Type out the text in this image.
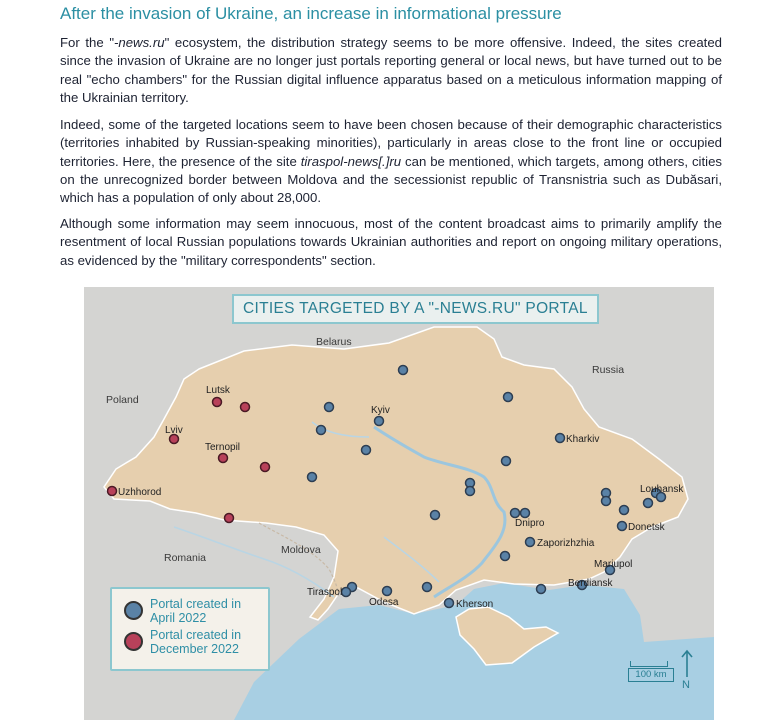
After the invasion of Ukraine, an increase in informational pressure

For the "-news.ru" ecosystem, the distribution strategy seems to be more offensive. Indeed, the sites created since the invasion of Ukraine are no longer just portals reporting general or local news, but have turned out to be real "echo chambers" for the Russian digital influence apparatus based on a meticulous information mapping of the Ukrainian territory.

Indeed, some of the targeted locations seem to have been chosen because of their demographic characteristics (territories inhabited by Russian-speaking minorities), particularly in areas close to the front line or occupied territories. Here, the presence of the site tiraspol-news[.]ru can be mentioned, which targets, among others, cities on the unrecognized border between Moldova and the secessionist republic of Transnistria such as Dubăsari, which has a population of only about 28,000.

Although some information may seem innocuous, most of the content broadcast aims to primarily amplify the resentment of local Russian populations towards Ukrainian authorities and report on ongoing military operations, as evidenced by the "military correspondents" section.

Belarus
Russia
Poland
Romania
Moldova
Kyiv
Kharkiv
Louhansk
Donetsk
Dnipro
Zaporizhzhia
Mariupol
Berdiansk
Kherson
Odesa
Tiraspol
Lutsk
Lviv
Ternopil
Uzhhorod
CITIES TARGETED BY A "-NEWS.RU" PORTAL
Portal created in April 2022
Portal created in December 2022
100 km
N
